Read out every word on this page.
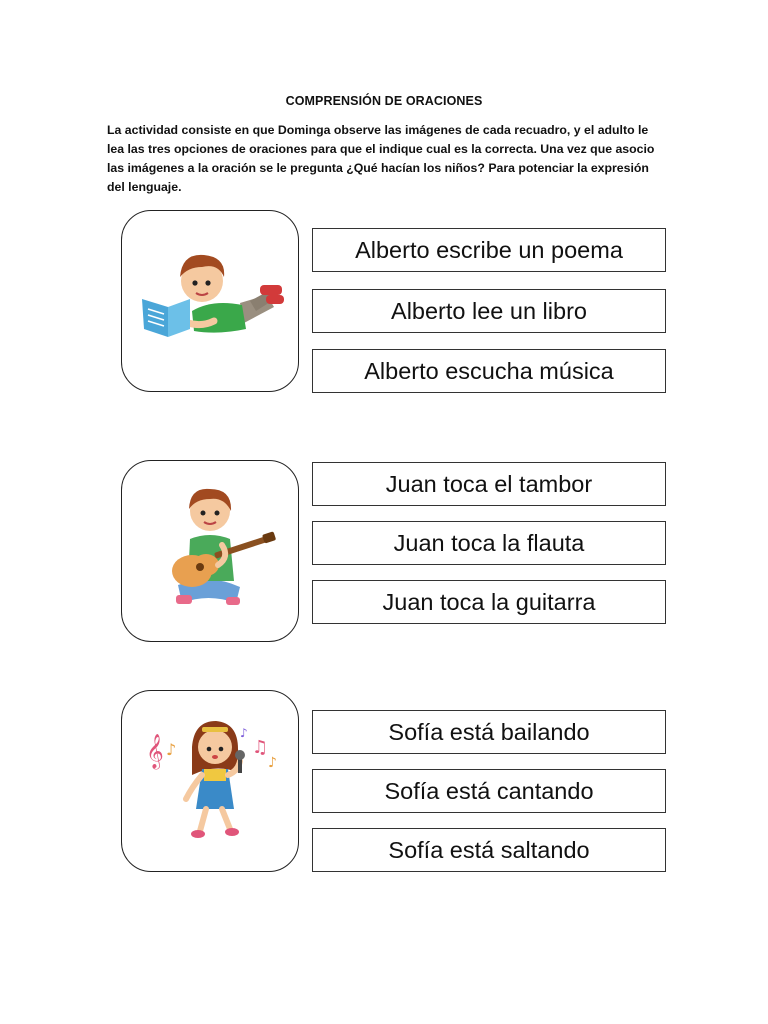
COMPRENSIÓN DE ORACIONES
La actividad consiste en que Dominga observe las imágenes de cada recuadro, y el adulto le lea las tres opciones de oraciones para que el indique cual es la correcta. Una vez que asocio las imágenes a la oración se le pregunta ¿Qué hacían los niños? Para potenciar la expresión del lenguaje.
Alberto escribe un poema
Alberto lee un libro
Alberto escucha música
Juan toca el tambor
Juan toca la flauta
Juan toca la guitarra
𝄞 ♪	♫
♪
♪	Sofía está bailando
Sofía está cantando
Sofía está saltando
